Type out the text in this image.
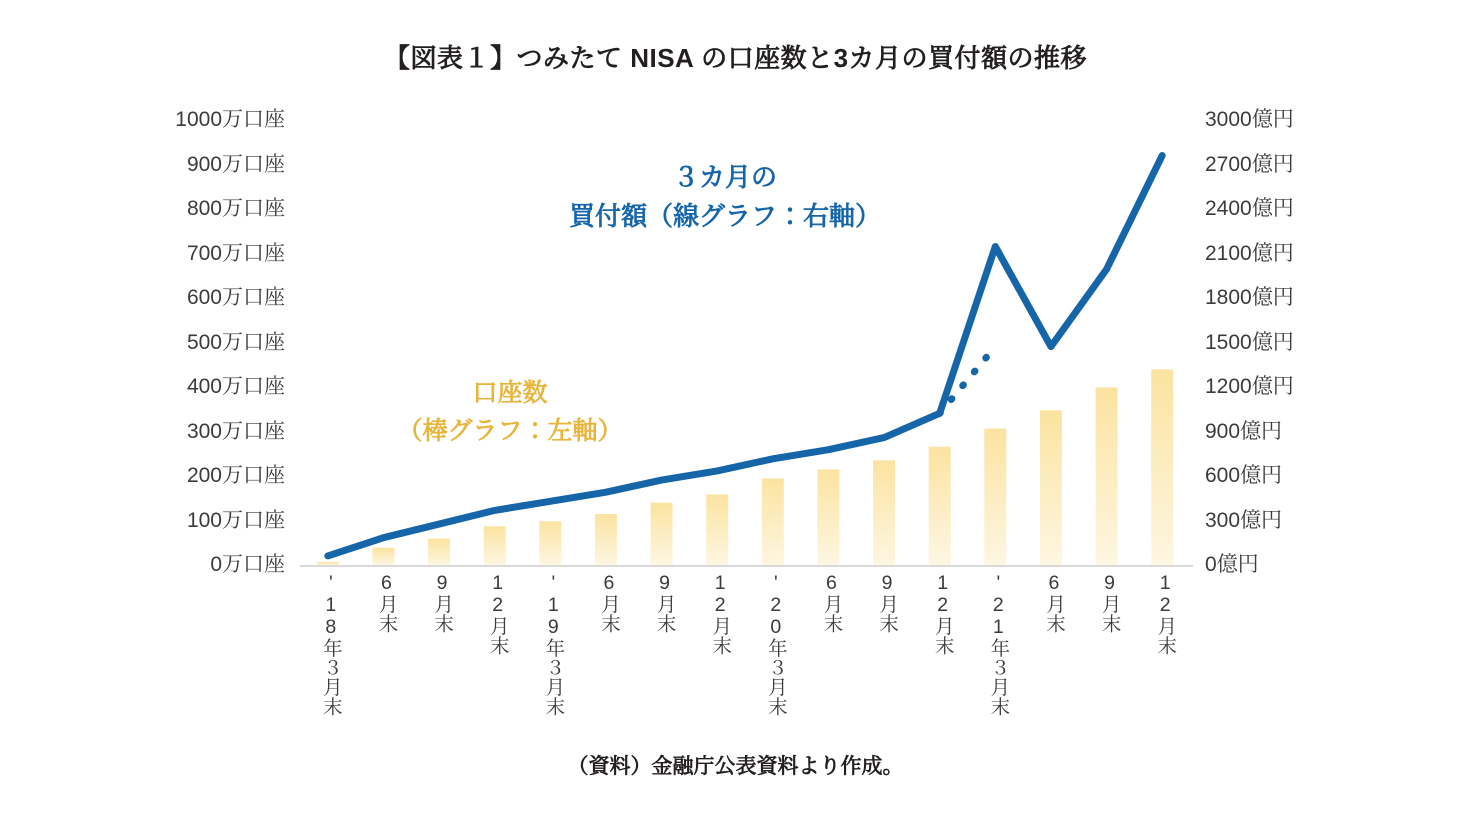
【図表１】つみたて NISA の口座数と3カ月の買付額の推移
0万口座
100万口座
200万口座
300万口座
400万口座
500万口座
600万口座
700万口座
800万口座
900万口座
1000万口座
0億円
300億円
600億円
900億円
1200億円
1500億円
1800億円
2100億円
2400億円
2700億円
3000億円
'18年３月末 6月末 9月末 12月末 '19年３月末 6月末 9月末 12月末 '20年３月末 6月末 9月末 12月末 '21年３月末 6月末 9月末 12月末
３カ月の
買付額（線グラフ：右軸）
口座数
（棒グラフ：左軸）
（資料）金融庁公表資料より作成。
